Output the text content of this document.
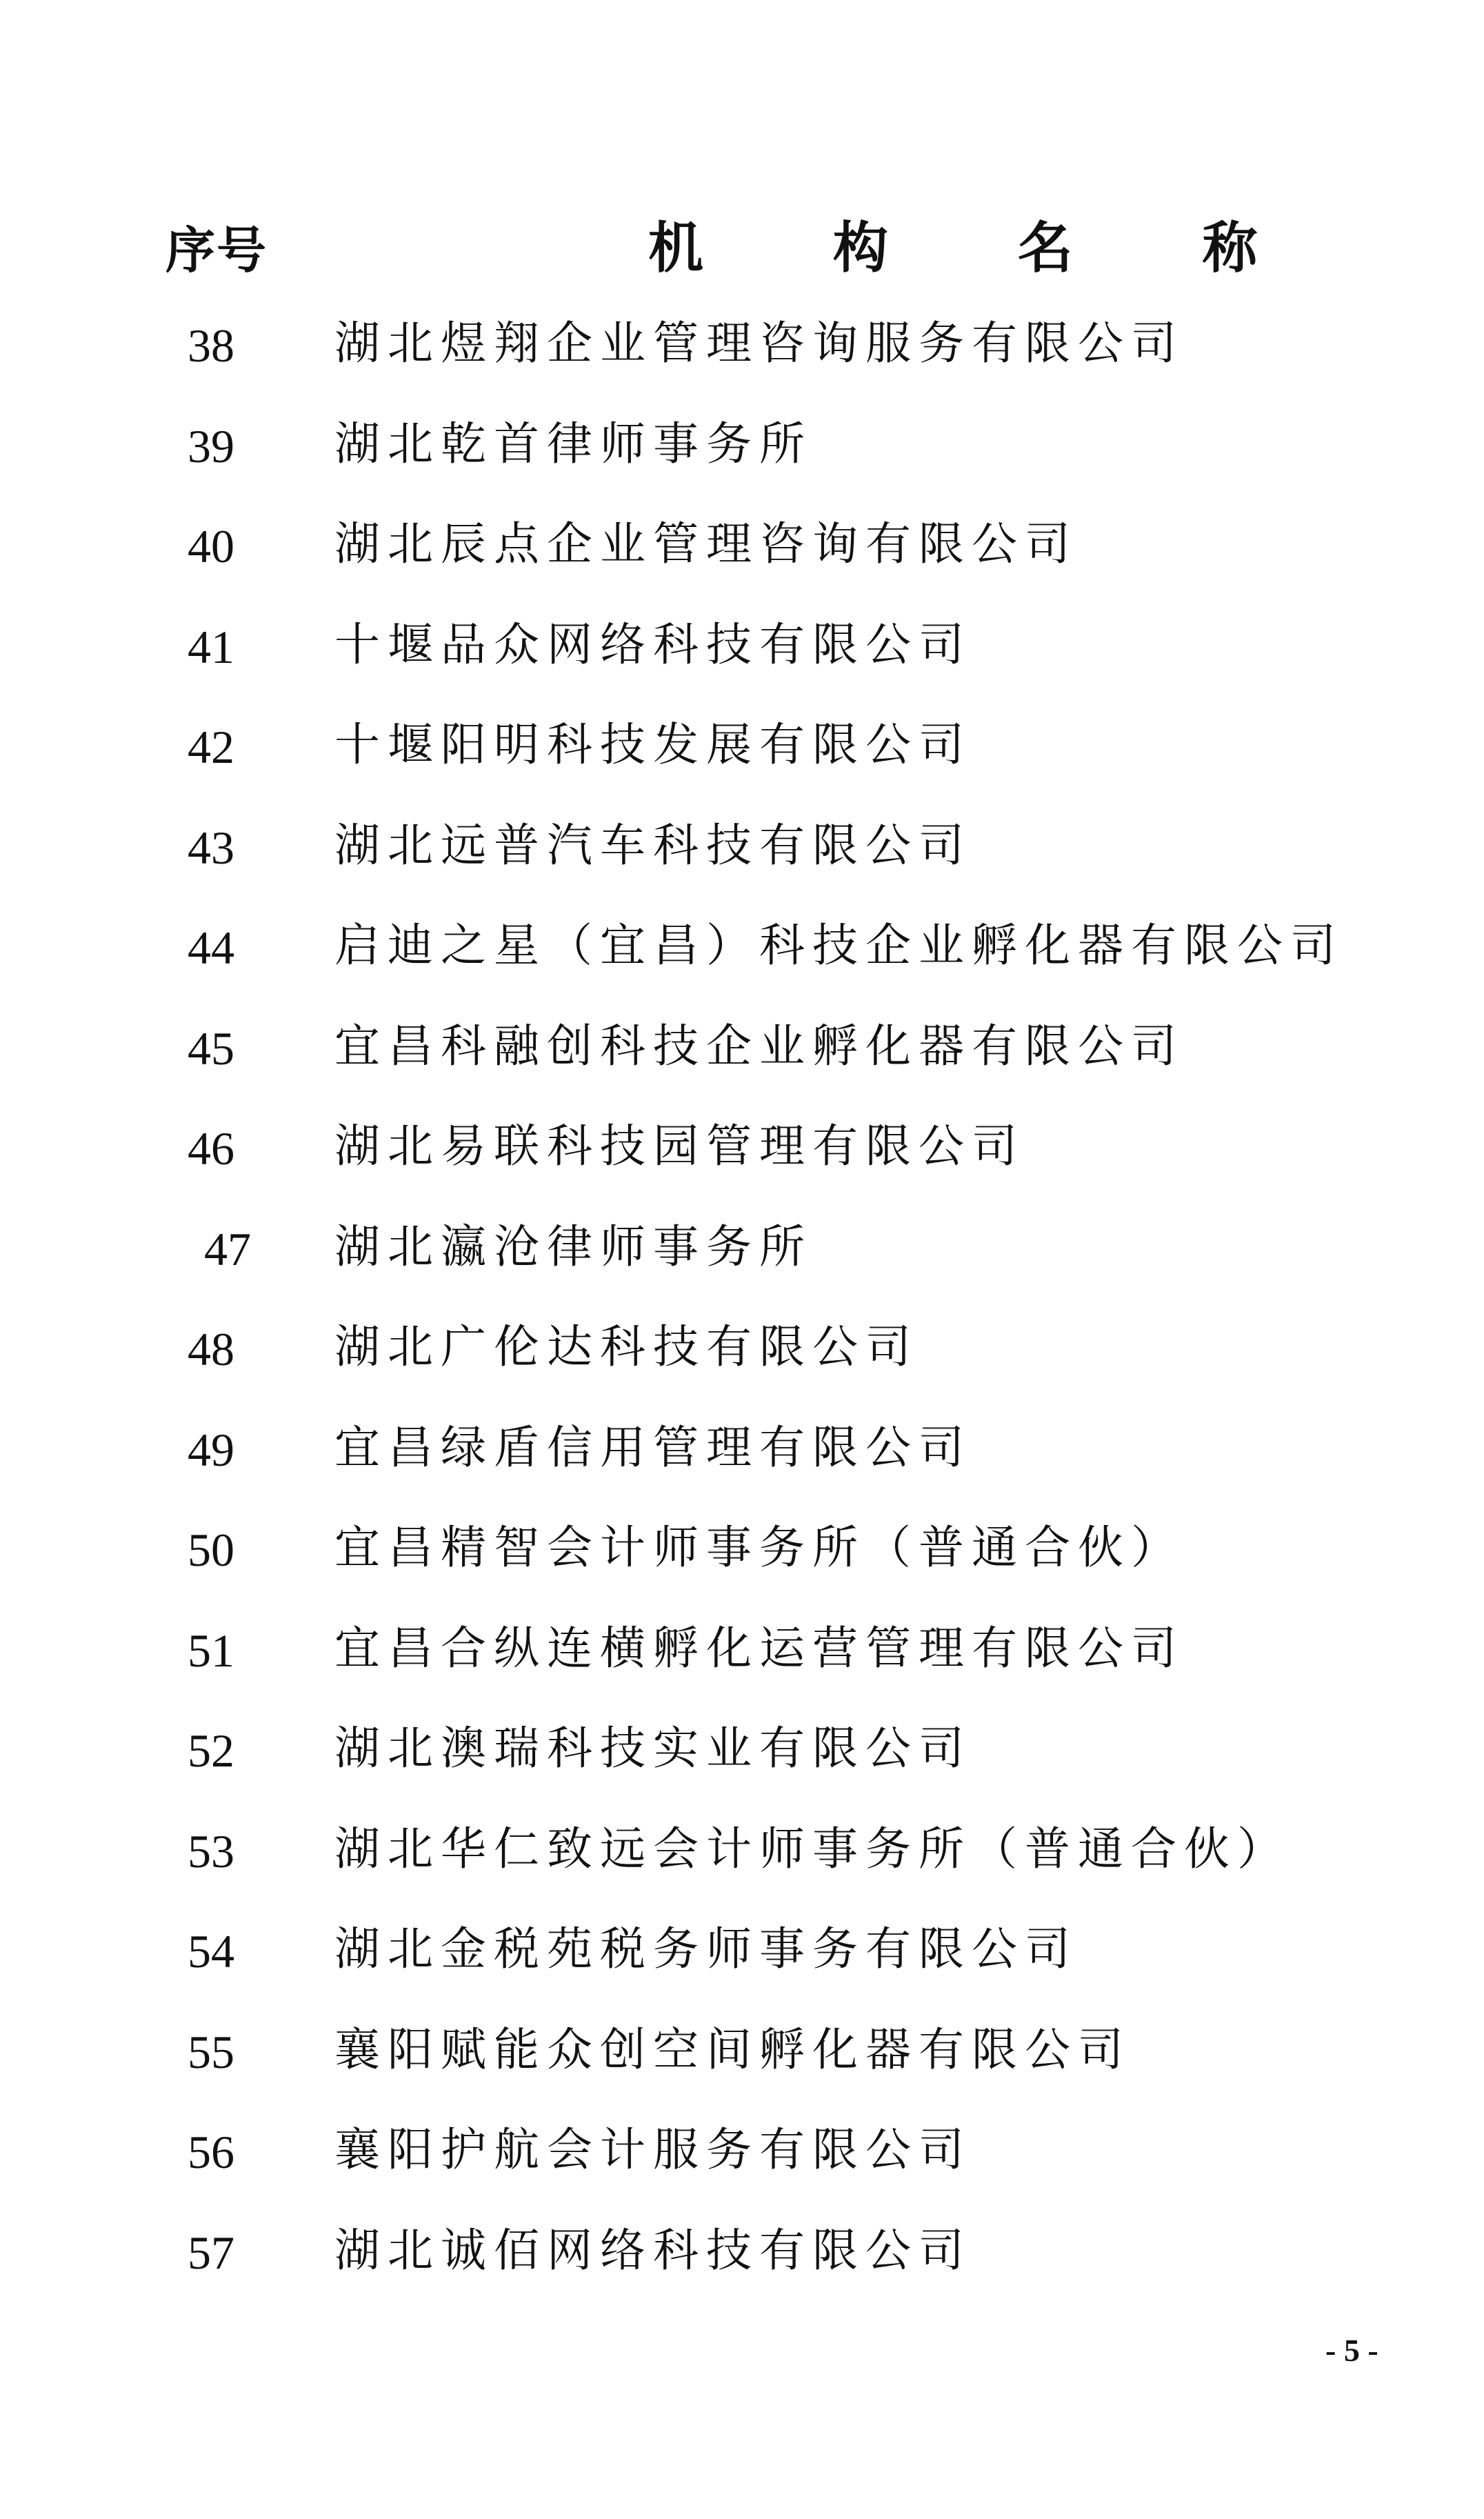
序号	机 构 名 称
38 湖北煜翔企业管理咨询服务有限公司
39 湖北乾首律师事务所
40 湖北辰点企业管理咨询有限公司
41 十堰品众网络科技有限公司
42 十堰阳明科技发展有限公司
43 湖北远普汽车科技有限公司
44 启迪之星（宜昌）科技企业孵化器有限公司
45 宜昌科融创科技企业孵化器有限公司
46 湖北易联科技园管理有限公司
47 湖北瀛沧律师事务所
48 湖北广伦达科技有限公司
49 宜昌绿盾信用管理有限公司
50 宜昌精智会计师事务所（普通合伙）
51 宜昌合纵连横孵化运营管理有限公司
52 湖北澳瑞科技实业有限公司
53 湖北华仁致远会计师事务所（普通合伙）
54 湖北金税苑税务师事务有限公司
55 襄阳赋能众创空间孵化器有限公司
56 襄阳护航会计服务有限公司
57 湖北诚佰网络科技有限公司
- 5 -
